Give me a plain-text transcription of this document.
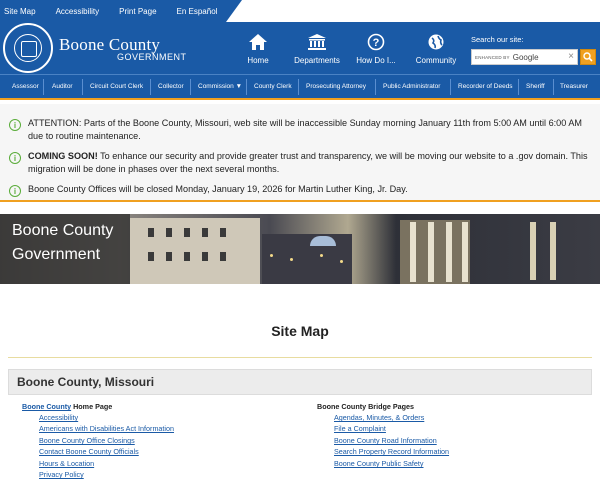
Site Map	Accessibility	Print Page	En Español
Boone County
GOVERNMENT	Home	Departments
?
How Do I...	Community
Search our site:
ENHANCED BY Google	×
Assessor Auditor	Circuit Court Clerk Collector Commission ▼ County Clerk Prosecuting Attorney	Public Administrator	Recorder of Deeds Sheriff Treasurer
i	ATTENTION: Parts of the Boone County, Missouri, web site will be inaccessible Sunday morning January 11th from 5:00 AM until 6:00 AM due to routine maintenance.

i	COMING SOON! To enhance our security and provide greater trust and transparency, we will be moving our website to a .gov domain. This migration will be done in phases over the next several months.

i	Boone County Offices will be closed Monday, January 19, 2026 for Martin Luther King, Jr. Day.

Boone County
Government
Site Map
Boone County, Missouri
Boone County Home Page
Accessibility
Americans with Disabilities Act Information
Boone County Office Closings
Contact Boone County Officials
Hours & Location
Privacy Policy
Boone County Bridge Pages
Agendas, Minutes, & Orders
File a Complaint
Boone County Road Information
Search Property Record Information
Boone County Public Safety
